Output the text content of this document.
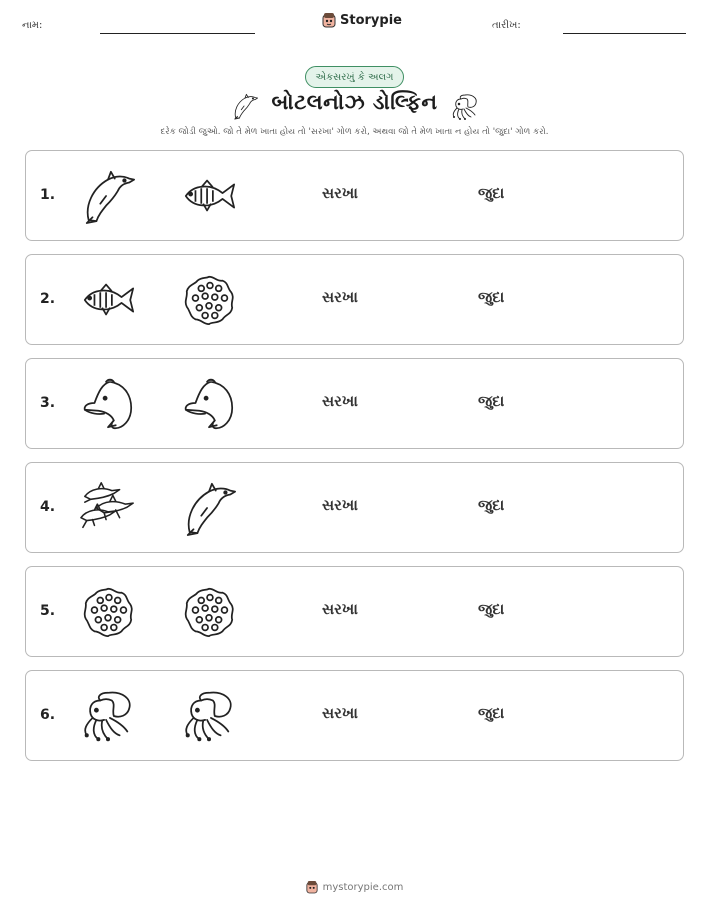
નામ:	Storypie	તારીખ:
એકસરખું કે અલગ
બોટલનોઝ ડોલ્ફિન
દરેક જોડી જુઓ. જો તે મેળ ખાતા હોય તો 'સરખા' ગોળ કરો, અથવા જો તે મેળ ખાતા ન હોય તો 'જુદા' ગોળ કરો.
1.	સરખા	જુદા
2.	સરખા	જુદા
3.	સરખા	જુદા
4.	સરખા	જુદા
5.	સરખા	જુદા
6.	સરખા	જુદા
mystorypie.com
